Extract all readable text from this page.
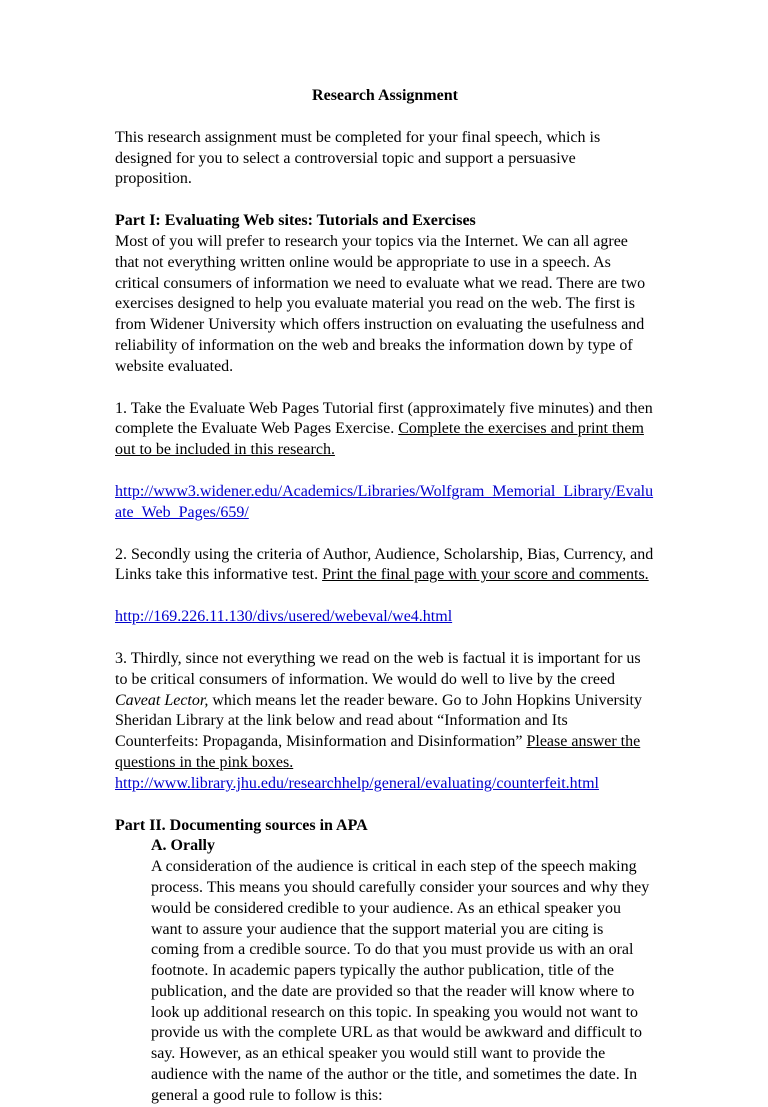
Research Assignment

This research assignment must be completed for your final speech, which is designed for you to select a controversial topic and support a persuasive proposition.

Part I: Evaluating Web sites: Tutorials and Exercises

Most of you will prefer to research your topics via the Internet. We can all agree that not everything written online would be appropriate to use in a speech. As critical consumers of information we need to evaluate what we read. There are two exercises designed to help you evaluate material you read on the web. The first is from Widener University which offers instruction on evaluating the usefulness and reliability of information on the web and breaks the information down by type of website evaluated.

1. Take the Evaluate Web Pages Tutorial first (approximately five minutes) and then complete the Evaluate Web Pages Exercise. Complete the exercises and print them out to be included in this research.

http://www3.widener.edu/Academics/Libraries/Wolfgram_Memorial_Library/Evaluate_Web_Pages/659/

2. Secondly using the criteria of Author, Audience, Scholarship, Bias, Currency, and Links take this informative test. Print the final page with your score and comments.

http://169.226.11.130/divs/usered/webeval/we4.html

3. Thirdly, since not everything we read on the web is factual it is important for us to be critical consumers of information. We would do well to live by the creed Caveat Lector, which means let the reader beware. Go to John Hopkins University Sheridan Library at the link below and read about “Information and Its Counterfeits: Propaganda, Misinformation and Disinformation” Please answer the questions in the pink boxes.
http://www.library.jhu.edu/researchhelp/general/evaluating/counterfeit.html

Part II. Documenting sources in APA

A. Orally

A consideration of the audience is critical in each step of the speech making process. This means you should carefully consider your sources and why they would be considered credible to your audience. As an ethical speaker you want to assure your audience that the support material you are citing is coming from a credible source. To do that you must provide us with an oral footnote. In academic papers typically the author publication, title of the publication, and the date are provided so that the reader will know where to look up additional research on this topic. In speaking you would not want to provide us with the complete URL as that would be awkward and difficult to say. However, as an ethical speaker you would still want to provide the audience with the name of the author or the title, and sometimes the date. In general a good rule to follow is this:
